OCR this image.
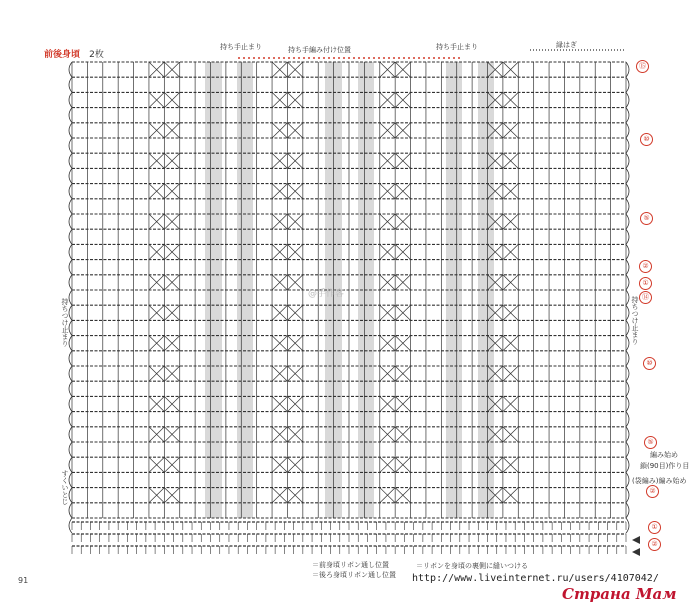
前後身頃 2枚
持ち手止まり	持ち手編み付け位置	持ち手止まり	縁はぎ
持ちつけ止まり
すくいとじ
持ちつけ止まり
編み始め
鎖(90目)作り目
(袋編み)編み始め
⑮
⑩
⑤
②
①
⑭
⑩
⑤
②
①
②
@手作客
＝前身頃リボン通し位置
＝後ろ身頃リボン通し位置
＝リボンを身頃の裏側に縫いつける
91	http://www.liveinternet.ru/users/4107042/
Страна Мам
